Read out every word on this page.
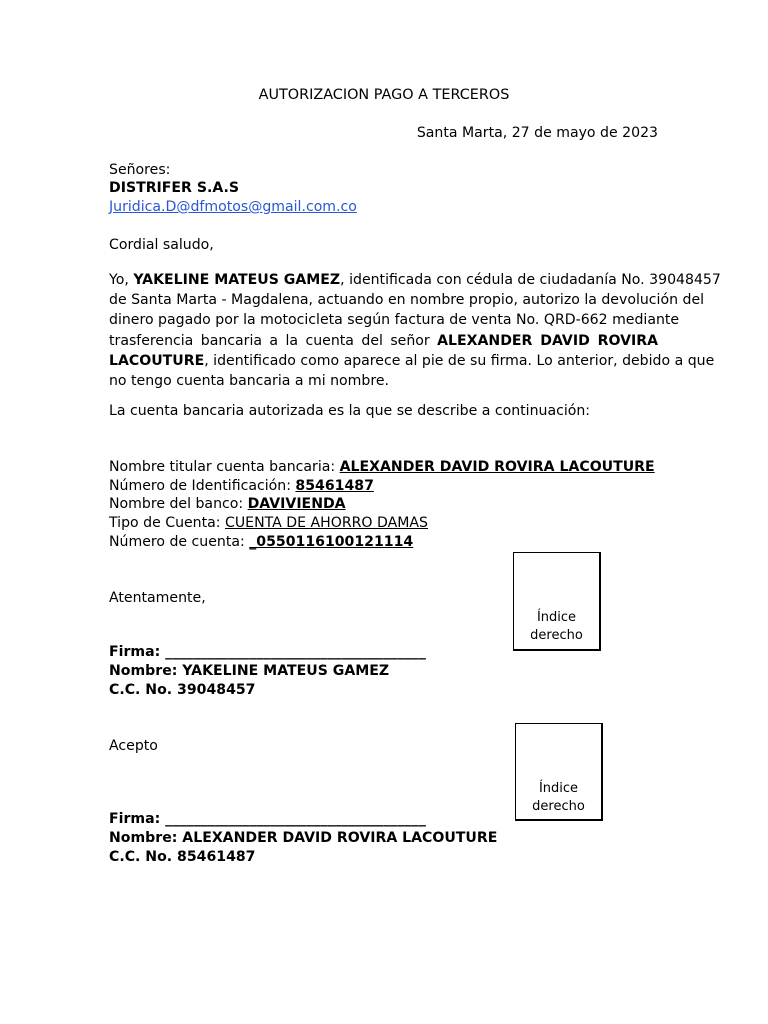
AUTORIZACION PAGO A TERCEROS
Santa Marta, 27 de mayo de 2023
Señores:
DISTRIFER S.A.S
Juridica.D@dfmotos@gmail.com.co
Cordial saludo,
Yo, YAKELINE MATEUS GAMEZ, identificada con cédula de ciudadanía No. 39048457
de Santa Marta - Magdalena, actuando en nombre propio, autorizo la devolución del
dinero pagado por la motocicleta según factura de venta No. QRD-662 mediante
trasferencia bancaria a la cuenta del señor ALEXANDER DAVID ROVIRA
LACOUTURE, identificado como aparece al pie de su firma. Lo anterior, debido a que
no tengo cuenta bancaria a mi nombre.
La cuenta bancaria autorizada es la que se describe a continuación:
Nombre titular cuenta bancaria: ALEXANDER DAVID ROVIRA LACOUTURE
Número de Identificación: 85461487
Nombre del banco: DAVIVIENDA
Tipo de Cuenta: CUENTA DE AHORRO DAMAS
Número de cuenta: _0550116100121114
Atentamente,
Índice
derecho
Firma: _____________________________________
Nombre: YAKELINE MATEUS GAMEZ
C.C. No. 39048457
Acepto
Índice
derecho
Firma: _____________________________________
Nombre: ALEXANDER DAVID ROVIRA LACOUTURE
C.C. No. 85461487
